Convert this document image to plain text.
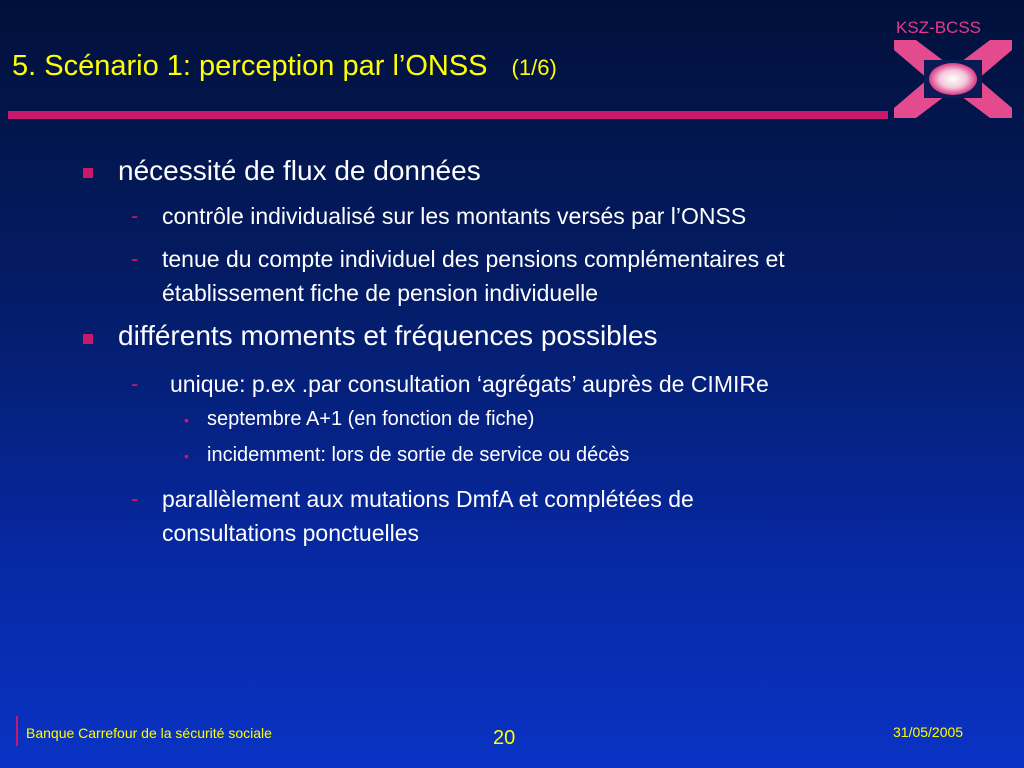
5. Scénario 1: perception par l’ONSS (1/6)
KSZ-BCSS
nécessité de flux de données
- contrôle individualisé sur les montants versés par l’ONSS
- tenue du compte individuel des pensions complémentaires et
établissement fiche de pension individuelle
différents moments et fréquences possibles
- unique: p.ex .par consultation ‘agrégats’ auprès de CIMIRe
• septembre A+1 (en fonction de fiche)
• incidemment: lors de sortie de service ou décès
- parallèlement aux mutations DmfA et complétées de
consultations ponctuelles
Banque Carrefour de la sécurité sociale	20	31/05/2005
